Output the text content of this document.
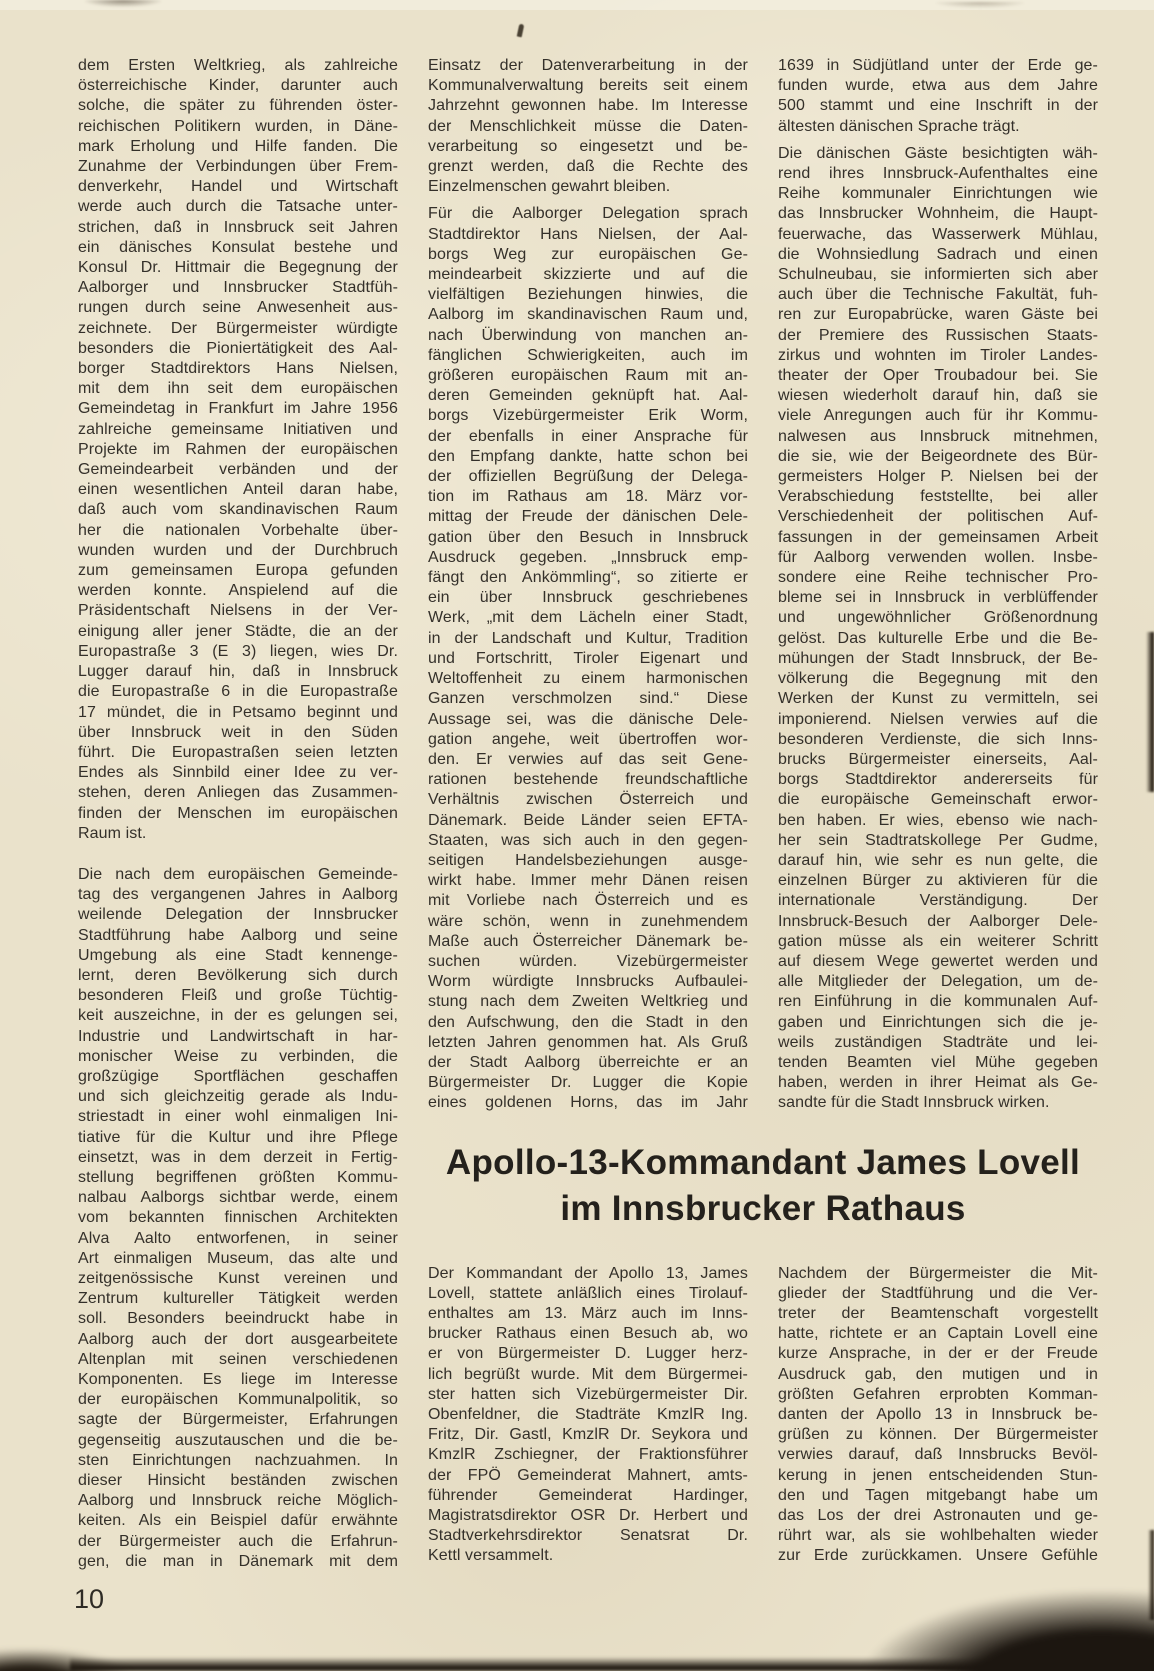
dem Ersten Weltkrieg, als zahlreiche
österreichische Kinder, darunter auch
solche, die später zu führenden öster-
reichischen Politikern wurden, in Däne-
mark Erholung und Hilfe fanden. Die
Zunahme der Verbindungen über Frem-
denverkehr, Handel und Wirtschaft
werde auch durch die Tatsache unter-
strichen, daß in Innsbruck seit Jahren
ein dänisches Konsulat bestehe und
Konsul Dr. Hittmair die Begegnung der
Aalborger und Innsbrucker Stadtfüh-
rungen durch seine Anwesenheit aus-
zeichnete. Der Bürgermeister würdigte
besonders die Pioniertätigkeit des Aal-
borger Stadtdirektors Hans Nielsen,
mit dem ihn seit dem europäischen
Gemeindetag in Frankfurt im Jahre 1956
zahlreiche gemeinsame Initiativen und
Projekte im Rahmen der europäischen
Gemeindearbeit verbänden und der
einen wesentlichen Anteil daran habe,
daß auch vom skandinavischen Raum
her die nationalen Vorbehalte über-
wunden wurden und der Durchbruch
zum gemeinsamen Europa gefunden
werden konnte. Anspielend auf die
Präsidentschaft Nielsens in der Ver-
einigung aller jener Städte, die an der
Europastraße 3 (E 3) liegen, wies Dr.
Lugger darauf hin, daß in Innsbruck
die Europastraße 6 in die Europastraße
17 mündet, die in Petsamo beginnt und
über Innsbruck weit in den Süden
führt. Die Europastraßen seien letzten
Endes als Sinnbild einer Idee zu ver-
stehen, deren Anliegen das Zusammen-
finden der Menschen im europäischen
Raum ist.
Die nach dem europäischen Gemeinde-
tag des vergangenen Jahres in Aalborg
weilende Delegation der Innsbrucker
Stadtführung habe Aalborg und seine
Umgebung als eine Stadt kennenge-
lernt, deren Bevölkerung sich durch
besonderen Fleiß und große Tüchtig-
keit auszeichne, in der es gelungen sei,
Industrie und Landwirtschaft in har-
monischer Weise zu verbinden, die
großzügige Sportflächen geschaffen
und sich gleichzeitig gerade als Indu-
striestadt in einer wohl einmaligen Ini-
tiative für die Kultur und ihre Pflege
einsetzt, was in dem derzeit in Fertig-
stellung begriffenen größten Kommu-
nalbau Aalborgs sichtbar werde, einem
vom bekannten finnischen Architekten
Alva Aalto entworfenen, in seiner
Art einmaligen Museum, das alte und
zeitgenössische Kunst vereinen und
Zentrum kultureller Tätigkeit werden
soll. Besonders beeindruckt habe in
Aalborg auch der dort ausgearbeitete
Altenplan mit seinen verschiedenen
Komponenten. Es liege im Interesse
der europäischen Kommunalpolitik, so
sagte der Bürgermeister, Erfahrungen
gegenseitig auszutauschen und die be-
sten Einrichtungen nachzuahmen. In
dieser Hinsicht beständen zwischen
Aalborg und Innsbruck reiche Möglich-
keiten. Als ein Beispiel dafür erwähnte
der Bürgermeister auch die Erfahrun-
gen, die man in Dänemark mit dem
Einsatz der Datenverarbeitung in der
Kommunalverwaltung bereits seit einem
Jahrzehnt gewonnen habe. Im Interesse
der Menschlichkeit müsse die Daten-
verarbeitung so eingesetzt und be-
grenzt werden, daß die Rechte des
Einzelmenschen gewahrt bleiben.
Für die Aalborger Delegation sprach
Stadtdirektor Hans Nielsen, der Aal-
borgs Weg zur europäischen Ge-
meindearbeit skizzierte und auf die
vielfältigen Beziehungen hinwies, die
Aalborg im skandinavischen Raum und,
nach Überwindung von manchen an-
fänglichen Schwierigkeiten, auch im
größeren europäischen Raum mit an-
deren Gemeinden geknüpft hat. Aal-
borgs Vizebürgermeister Erik Worm,
der ebenfalls in einer Ansprache für
den Empfang dankte, hatte schon bei
der offiziellen Begrüßung der Delega-
tion im Rathaus am 18. März vor-
mittag der Freude der dänischen Dele-
gation über den Besuch in Innsbruck
Ausdruck gegeben. „Innsbruck emp-
fängt den Ankömmling“, so zitierte er
ein über Innsbruck geschriebenes
Werk, „mit dem Lächeln einer Stadt,
in der Landschaft und Kultur, Tradition
und Fortschritt, Tiroler Eigenart und
Weltoffenheit zu einem harmonischen
Ganzen verschmolzen sind.“ Diese
Aussage sei, was die dänische Dele-
gation angehe, weit übertroffen wor-
den. Er verwies auf das seit Gene-
rationen bestehende freundschaftliche
Verhältnis zwischen Österreich und
Dänemark. Beide Länder seien EFTA-
Staaten, was sich auch in den gegen-
seitigen Handelsbeziehungen ausge-
wirkt habe. Immer mehr Dänen reisen
mit Vorliebe nach Österreich und es
wäre schön, wenn in zunehmendem
Maße auch Österreicher Dänemark be-
suchen würden. Vizebürgermeister
Worm würdigte Innsbrucks Aufbaulei-
stung nach dem Zweiten Weltkrieg und
den Aufschwung, den die Stadt in den
letzten Jahren genommen hat. Als Gruß
der Stadt Aalborg überreichte er an
Bürgermeister Dr. Lugger die Kopie
eines goldenen Horns, das im Jahr
1639 in Südjütland unter der Erde ge-
funden wurde, etwa aus dem Jahre
500 stammt und eine Inschrift in der
ältesten dänischen Sprache trägt.
Die dänischen Gäste besichtigten wäh-
rend ihres Innsbruck-Aufenthaltes eine
Reihe kommunaler Einrichtungen wie
das Innsbrucker Wohnheim, die Haupt-
feuerwache, das Wasserwerk Mühlau,
die Wohnsiedlung Sadrach und einen
Schulneubau, sie informierten sich aber
auch über die Technische Fakultät, fuh-
ren zur Europabrücke, waren Gäste bei
der Premiere des Russischen Staats-
zirkus und wohnten im Tiroler Landes-
theater der Oper Troubadour bei. Sie
wiesen wiederholt darauf hin, daß sie
viele Anregungen auch für ihr Kommu-
nalwesen aus Innsbruck mitnehmen,
die sie, wie der Beigeordnete des Bür-
germeisters Holger P. Nielsen bei der
Verabschiedung feststellte, bei aller
Verschiedenheit der politischen Auf-
fassungen in der gemeinsamen Arbeit
für Aalborg verwenden wollen. Insbe-
sondere eine Reihe technischer Pro-
bleme sei in Innsbruck in verblüffender
und ungewöhnlicher Größenordnung
gelöst. Das kulturelle Erbe und die Be-
mühungen der Stadt Innsbruck, der Be-
völkerung die Begegnung mit den
Werken der Kunst zu vermitteln, sei
imponierend. Nielsen verwies auf die
besonderen Verdienste, die sich Inns-
brucks Bürgermeister einerseits, Aal-
borgs Stadtdirektor andererseits für
die europäische Gemeinschaft erwor-
ben haben. Er wies, ebenso wie nach-
her sein Stadtratskollege Per Gudme,
darauf hin, wie sehr es nun gelte, die
einzelnen Bürger zu aktivieren für die
internationale Verständigung. Der
Innsbruck-Besuch der Aalborger Dele-
gation müsse als ein weiterer Schritt
auf diesem Wege gewertet werden und
alle Mitglieder der Delegation, um de-
ren Einführung in die kommunalen Auf-
gaben und Einrichtungen sich die je-
weils zuständigen Stadträte und lei-
tenden Beamten viel Mühe gegeben
haben, werden in ihrer Heimat als Ge-
sandte für die Stadt Innsbruck wirken.
Apollo-13-Kommandant James Lovell
im Innsbrucker Rathaus
Der Kommandant der Apollo 13, James
Lovell, stattete anläßlich eines Tirolauf-
enthaltes am 13. März auch im Inns-
brucker Rathaus einen Besuch ab, wo
er von Bürgermeister D. Lugger herz-
lich begrüßt wurde. Mit dem Bürgermei-
ster hatten sich Vizebürgermeister Dir.
Obenfeldner, die Stadträte KmzlR Ing.
Fritz, Dir. Gastl, KmzlR Dr. Seykora und
KmzlR Zschiegner, der Fraktionsführer
der FPÖ Gemeinderat Mahnert, amts-
führender Gemeinderat Hardinger,
Magistratsdirektor OSR Dr. Herbert und
Stadtverkehrsdirektor Senatsrat Dr.
Kettl versammelt.
Nachdem der Bürgermeister die Mit-
glieder der Stadtführung und die Ver-
treter der Beamtenschaft vorgestellt
hatte, richtete er an Captain Lovell eine
kurze Ansprache, in der er der Freude
Ausdruck gab, den mutigen und in
größten Gefahren erprobten Komman-
danten der Apollo 13 in Innsbruck be-
grüßen zu können. Der Bürgermeister
verwies darauf, daß Innsbrucks Bevöl-
kerung in jenen entscheidenden Stun-
den und Tagen mitgebangt habe um
das Los der drei Astronauten und ge-
rührt war, als sie wohlbehalten wieder
zur Erde zurückkamen. Unsere Gefühle
10
